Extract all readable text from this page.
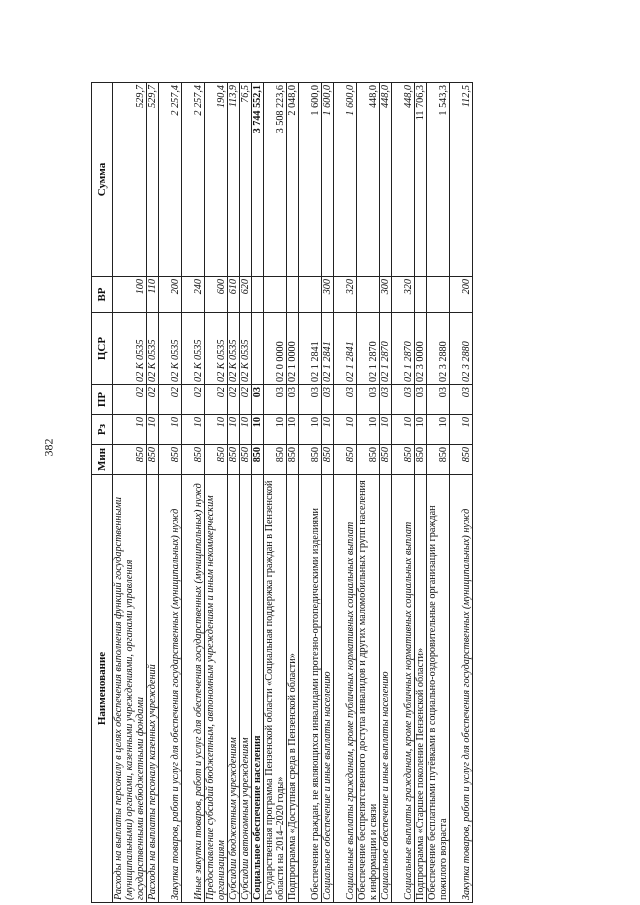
382
Наименование	Мин	Рз	ПР	ЦСР	ВР	Сумма
Расходы на выплаты персоналу в целях обеспечения выполнения функций государственными (муниципальными) органами, казенными учреждениями, органами управления государственными внебюджетными фондами	850	10	02	02 К 0535	100	529,7
Расходы на выплаты персоналу казенных учреждений	850	10	02	02 К 0535	110	529,7
Закупка товаров, работ и услуг для обеспечения государственных (муниципальных) нужд	850	10	02	02 К 0535	200	2 257,4
Иные закупки товаров, работ и услуг для обеспечения государственных (муниципальных) нужд	850	10	02	02 К 0535	240	2 257,4
Предоставление субсидий бюджетным, автономным учреждениям и иным некоммерческим организациям	850	10	02	02 К 0535	600	190,4
Субсидии бюджетным учреждениям	850	10	02	02 К 0535	610	113,9
Субсидии автономным учреждениям	850	10	02	02 К 0535	620	76,5
Социальное обеспечение населения	850	10	03			3 744 552,1
Государственная программа Пензенской области «Социальная поддержка граждан в Пензенской области на 2014–2020 годы»	850	10	03	02 0 0000		3 508 223,6
Подпрограмма «Доступная среда в Пензенской области»	850	10	03	02 1 0000		2 048,0
Обеспечение граждан, не являющихся инвалидами протезно-ортопедическими изделиями	850	10	03	02 1 2841		1 600,0
Социальное обеспечение и иные выплаты населению	850	10	03	02 1 2841	300	1 600,0
Социальные выплаты гражданам, кроме публичных нормативных социальных выплат	850	10	03	02 1 2841	320	1 600,0
Обеспечение беспрепятственного доступа инвалидов и других маломобильных групп населения к информации и связи	850	10	03	02 1 2870		448,0
Социальное обеспечение и иные выплаты населению	850	10	03	02 1 2870	300	448,0
Социальные выплаты гражданам, кроме публичных нормативных социальных выплат	850	10	03	02 1 2870	320	448,0
Подпрограмма «Старшее поколение Пензенской области»	850	10	03	02 3 0000		11 706,3
Обеспечение бесплатными путёвками в социально-оздоровительные организации граждан пожилого возраста	850	10	03	02 3 2880		1 543,3
Закупка товаров, работ и услуг для обеспечения государственных (муниципальных) нужд	850	10	03	02 3 2880	200	112,5
